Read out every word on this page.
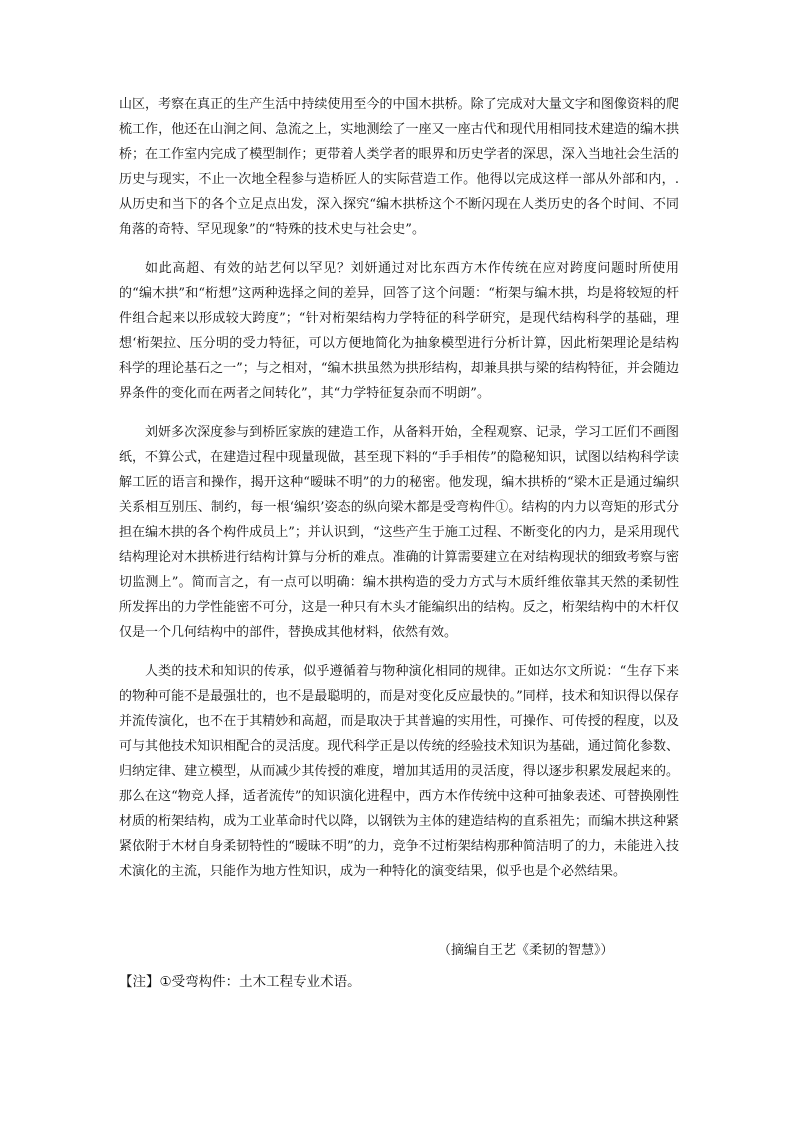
山区，考察在真正的生产生活中持续使用至今的中国木拱桥。除了完成对大量文字和图像资料的爬梳工作，他还在山涧之间、急流之上，实地测绘了一座又一座古代和现代用相同技术建造的编木拱桥；在工作室内完成了模型制作；更带着人类学者的眼界和历史学者的深思，深入当地社会生活的历史与现实，不止一次地全程参与造桥匠人的实际营造工作。他得以完成这样一部从外部和内，.从历史和当下的各个立足点出发，深入探究“编木拱桥这个不断闪现在人类历史的各个时间、不同角落的奇特、罕见现象”的“特殊的技术史与社会史”。

如此高超、有效的站艺何以罕见？刘妍通过对比东西方木作传统在应对跨度问题时所使用的“编木拱”和“桁想”这两种选择之间的差异，回答了这个问题：“桁架与编木拱，均是将较短的杆件组合起来以形成较大跨度”；“针对桁架结构力学特征的科学研究，是现代结构科学的基础，理想‘桁架拉、压分明的受力特征，可以方便地简化为抽象模型进行分析计算，因此桁架理论是结构科学的理论基石之一”；与之相对，“编木拱虽然为拱形结构，却兼具拱与梁的结构特征，并会随边界条件的变化而在两者之间转化”，其“力学特征复杂而不明朗”。

刘妍多次深度参与到桥匠家族的建造工作，从备料开始，全程观察、记录，学习工匠们不画图纸，不算公式，在建造过程中现量现做，甚至现下料的“手手相传”的隐秘知识，试图以结构科学读解工匠的语言和操作，揭开这种“暧昧不明”的力的秘密。他发现，编木拱桥的“梁木正是通过编织关系相互别压、制约，每一根‘编织’姿态的纵向梁木都是受弯构件①。结构的内力以弯矩的形式分担在编木拱的各个构件成员上”；并认识到，“这些产生于施工过程、不断变化的内力，是采用现代结构理论对木拱桥进行结构计算与分析的难点。准确的计算需要建立在对结构现状的细致考察与密切监测上”。简而言之，有一点可以明确：编木拱构造的受力方式与木质纤维依靠其天然的柔韧性所发挥出的力学性能密不可分，这是一种只有木头才能编织出的结构。反之，桁架结构中的木杆仅仅是一个几何结构中的部件，替换成其他材料，依然有效。

人类的技术和知识的传承，似乎遵循着与物种演化相同的规律。正如达尔文所说：“生存下来的物种可能不是最强壮的，也不是最聪明的，而是对变化反应最快的。”同样，技术和知识得以保存并流传演化，也不在于其精妙和高超，而是取决于其普遍的实用性，可操作、可传授的程度，以及可与其他技术知识相配合的灵活度。现代科学正是以传统的经验技术知识为基础，通过简化参数、归纳定律、建立模型，从而减少其传授的难度，增加其适用的灵活度，得以逐步积累发展起来的。那么在这“物竞人择，适者流传”的知识演化进程中，西方木作传统中这种可抽象表述、可替换刚性材质的桁架结构，成为工业革命时代以降，以钢铁为主体的建造结构的直系祖先；而编木拱这种紧紧依附于木材自身柔韧特性的“暧昧不明”的力，竞争不过桁架结构那种简洁明了的力，未能进入技术演化的主流，只能作为地方性知识，成为一种特化的演变结果，似乎也是个必然结果。

（摘编自王艺《柔韧的智慧》）
【注】①受弯构件：土木工程专业术语。
